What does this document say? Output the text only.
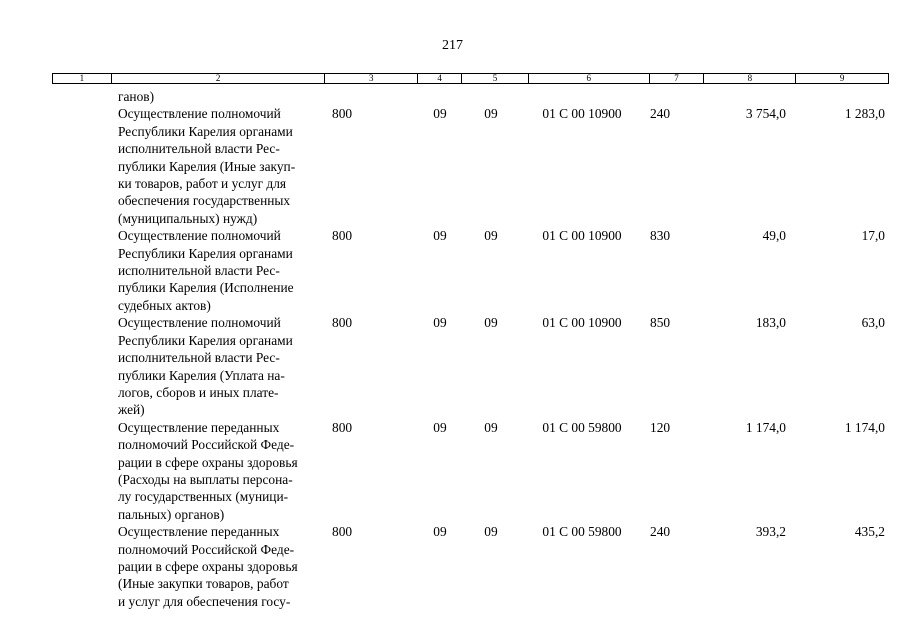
217
1	2	3	4	5	6	7	8	9
ганов)
Осуществление полномочий
Республики Карелия органами
исполнительной власти Рес-
публики Карелия (Иные закуп-
ки товаров, работ и услуг для
обеспечения государственных
(муниципальных) нужд)
800	09	09	01 С 00 10900	240	3 754,0	1 283,0
Осуществление полномочий
Республики Карелия органами
исполнительной власти Рес-
публики Карелия (Исполнение
судебных актов)
800	09	09	01 С 00 10900	830	49,0	17,0
Осуществление полномочий
Республики Карелия органами
исполнительной власти Рес-
публики Карелия (Уплата на-
логов, сборов и иных плате-
жей)
800	09	09	01 С 00 10900	850	183,0	63,0
Осуществление переданных
полномочий Российской Феде-
рации в сфере охраны здоровья
(Расходы на выплаты персона-
лу государственных (муници-
пальных) органов)
800	09	09	01 С 00 59800	120	1 174,0	1 174,0
Осуществление переданных
полномочий Российской Феде-
рации в сфере охраны здоровья
(Иные закупки товаров, работ
и услуг для обеспечения госу-
800	09	09	01 С 00 59800	240	393,2	435,2
